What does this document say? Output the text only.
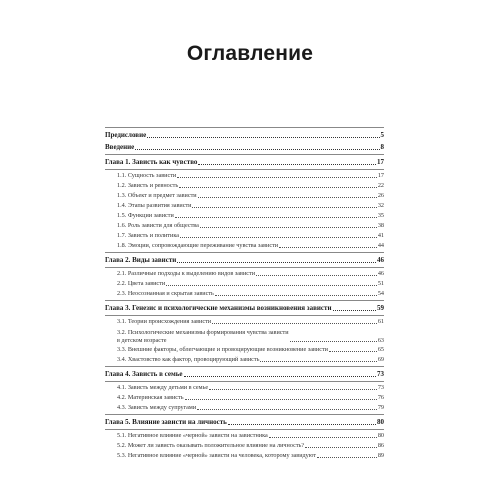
Оглавление
Предисловие	5
Введение	8
Глава 1. Зависть как чувство	17
1.1. Сущность зависти	17
1.2. Зависть и ревность	22
1.3. Объект и предмет зависти	26
1.4. Этапы развития зависти	32
1.5. Функции зависти	35
1.6. Роль зависти для общества	38
1.7. Зависть и политика	41
1.8. Эмоции, сопровождающие переживание чувства зависти	44
Глава 2. Виды зависти	46
2.1. Различные подходы к выделению видов зависти	46
2.2. Цвета зависти	51
2.3. Неосознанная и скрытая зависть	54
Глава 3. Генезис и психологические механизмы возникновения зависти	59
3.1. Теории происхождения зависти	61
3.2. Психологические механизмы формирования чувства зависти
в детском возрасте	63
3.3. Внешние факторы, облегчающие и провоцирующие возникновение зависти	65
3.4. Хвастовство как фактор, провоцирующий зависть	69
Глава 4. Зависть в семье	73
4.1. Зависть между детьми в семье	73
4.2. Материнская зависть	76
4.3. Зависть между супругами	79
Глава 5. Влияние зависти на личность	80
5.1. Негативное влияние «черной» зависти на завистника	80
5.2. Может ли зависть оказывать положительное влияние на личность?	86
5.3. Негативное влияние «черной» зависти на человека, которому завидуют	89
